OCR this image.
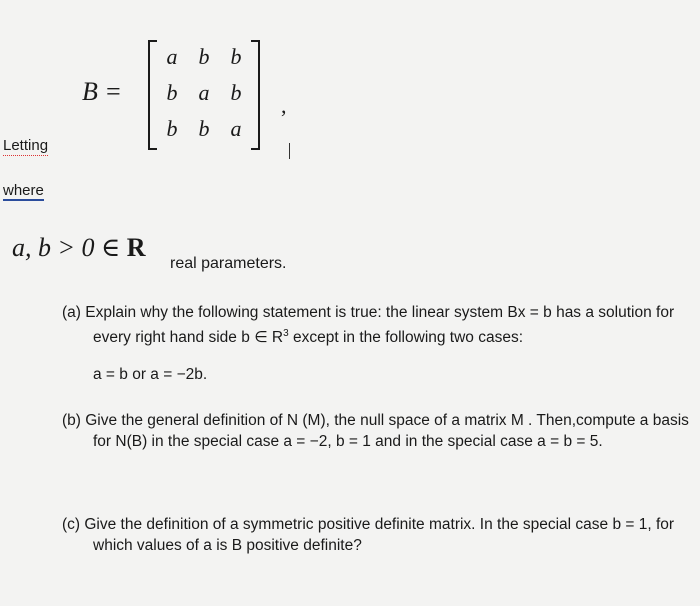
Letting
where
B =
a b b
b a b
b b a
,
a, b > 0 ∈ R
real parameters.
(a) Explain why the following statement is true: the linear system Bx = b has a solution for every right hand side b ∈ $R^3$ except in the following two cases:
a = b or a = −2b.
(b) Give the general definition of N (M), the null space of a matrix M . Then,compute a basis for N(B) in the special case a = −2, b = 1 and in the special case a = b = 5.
(c) Give the definition of a symmetric positive definite matrix. In the special case b = 1, for which values of a is B positive definite?
